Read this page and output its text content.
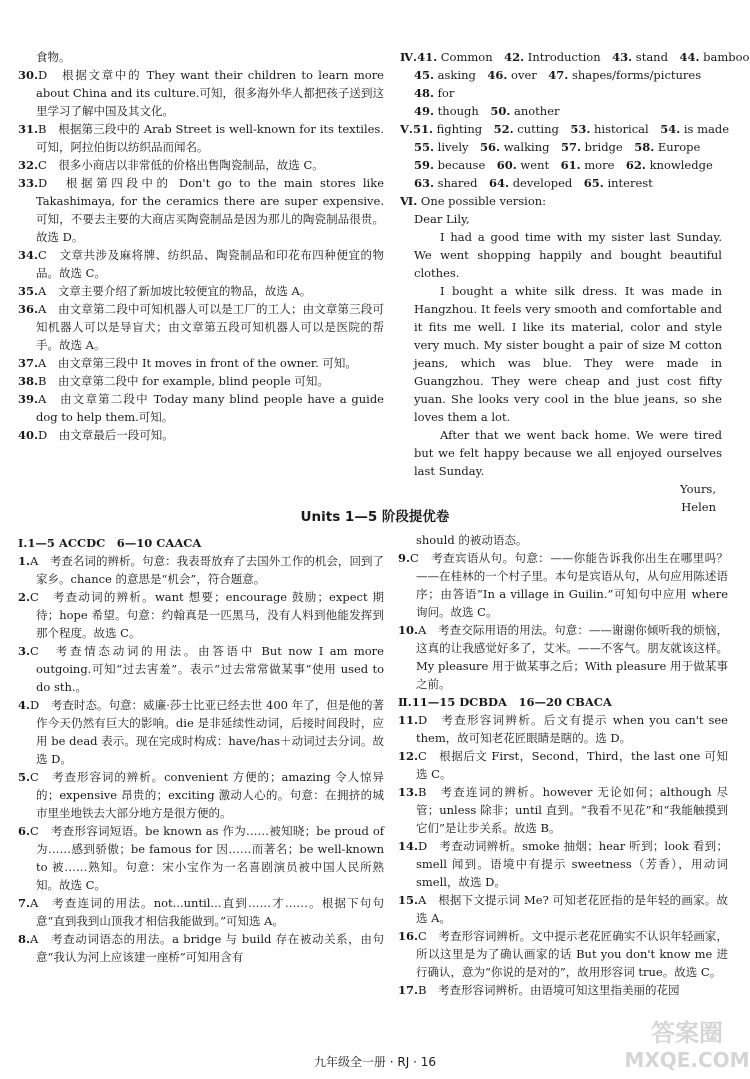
食物。
30.D　根据文章中的 They want their children to learn more about China and its culture.可知，很多海外华人都把孩子送到这里学习了解中国及其文化。
31.B　根据第三段中的 Arab Street is well-known for its textiles.可知，阿拉伯街以纺织品而闻名。
32.C　很多小商店以非常低的价格出售陶瓷制品，故选 C。
33.D　根据第四段中的 Don't go to the main stores like Takashimaya, for the ceramics there are super expensive.可知，不要去主要的大商店买陶瓷制品是因为那儿的陶瓷制品很贵。故选 D。
34.C　文章共涉及麻将牌、纺织品、陶瓷制品和印花布四种便宜的物品。故选 C。
35.A　文章主要介绍了新加坡比较便宜的物品，故选 A。
36.A　由文章第二段中可知机器人可以是工厂的工人；由文章第三段可知机器人可以是导盲犬；由文章第五段可知机器人可以是医院的帮手。故选 A。
37.A　由文章第三段中 It moves in front of the owner. 可知。
38.B　由文章第二段中 for example, blind people 可知。
39.A　由文章第二段中 Today many blind people have a guide dog to help them.可知。
40.D　由文章最后一段可知。
Ⅳ.41. Common　 42. Introduction　 43. stand　 44. bamboo
45. asking　 46. over　 47. shapes/forms/pictures
48. for
49. though　 50. another
Ⅴ.51. fighting　 52. cutting　 53. historical　 54. is made
55. lively　 56. walking　 57. bridge　 58. Europe
59. because　 60. went　 61. more　 62. knowledge
63. shared　 64. developed　 65. interest
Ⅵ. One possible version:
Dear Lily,
I had a good time with my sister last Sunday. We went shopping happily and bought beautiful clothes.
I bought a white silk dress. It was made in Hangzhou. It feels very smooth and comfortable and it fits me well. I like its material, color and style very much. My sister bought a pair of size M cotton jeans, which was blue. They were made in Guangzhou. They were cheap and just cost fifty yuan. She looks very cool in the blue jeans, so she loves them a lot.
After that we went back home. We were tired but we felt happy because we all enjoyed ourselves last Sunday.
Yours,
Helen
Units 1—5 阶段提优卷
Ⅰ.1—5 ACCDC　6—10 CAACA
1.A　考查名词的辨析。句意：我表哥放弃了去国外工作的机会，回到了家乡。chance 的意思是“机会”，符合题意。
2.C　考查动词的辨析。want 想要；encourage 鼓励；expect 期待；hope 希望。句意：约翰真是一匹黑马，没有人料到他能发挥到那个程度。故选 C。
3.C　考查情态动词的用法。由答语中 But now I am more outgoing.可知“过去害羞”。表示“过去常常做某事”使用 used to do sth.。
4.D　考查时态。句意：威廉·莎士比亚已经去世 400 年了，但是他的著作今天仍然有巨大的影响。die 是非延续性动词，后接时间段时，应用 be dead 表示。现在完成时构成：have/has＋动词过去分词。故选 D。
5.C　考查形容词的辨析。convenient 方便的；amazing 令人惊异的；expensive 昂贵的；exciting 激动人心的。句意：在拥挤的城市里坐地铁去大部分地方是很方便的。
6.C　考查形容词短语。be known as 作为……被知晓；be proud of 为……感到骄傲；be famous for 因……而著名；be well-known to 被……熟知。句意：宋小宝作为一名喜剧演员被中国人民所熟知。故选 C。
7.A　考查连词的用法。not...until...直到……才……。根据下句句意“直到我到山顶我才相信我能做到。”可知选 A。
8.A　考查动词语态的用法。a bridge 与 build 存在被动关系，由句意“我认为河上应该建一座桥”可知用含有
should 的被动语态。
9.C　考查宾语从句。句意：——你能告诉我你出生在哪里吗？——在桂林的一个村子里。本句是宾语从句，从句应用陈述语序；由答语“In a village in Guilin.”可知句中应用 where 询问。故选 C。
10.A　考查交际用语的用法。句意：——谢谢你倾听我的烦恼，这真的让我感觉好多了，艾米。——不客气。朋友就该这样。My pleasure 用于做某事之后；With pleasure 用于做某事之前。
Ⅱ.11—15 DCBDA　16—20 CBACA
11.D　考查形容词辨析。后文有提示 when you can't see them，故可知老花匠眼睛是瞎的。选 D。
12.C　根据后文 First，Second，Third，the last one 可知选 C。
13.B　考查连词的辨析。however 无论如何；although 尽管；unless 除非；until 直到。“我看不见花”和“我能触摸到它们”是让步关系。故选 B。
14.D　考查动词辨析。smoke 抽烟；hear 听到；look 看到；smell 闻到。语境中有提示 sweetness（芳香），用动词 smell，故选 D。
15.A　根据下文提示词 Me? 可知老花匠指的是年轻的画家。故选 A。
16.C　考查形容词辨析。文中提示老花匠确实不认识年轻画家，所以这里是为了确认画家的话 But you don't know me 进行确认，意为“你说的是对的”，故用形容词 true。故选 C。
17.B　考查形容词辨析。由语境可知这里指美丽的花园
九年级全一册 · RJ · 16
答案圈
MXQE.COM
